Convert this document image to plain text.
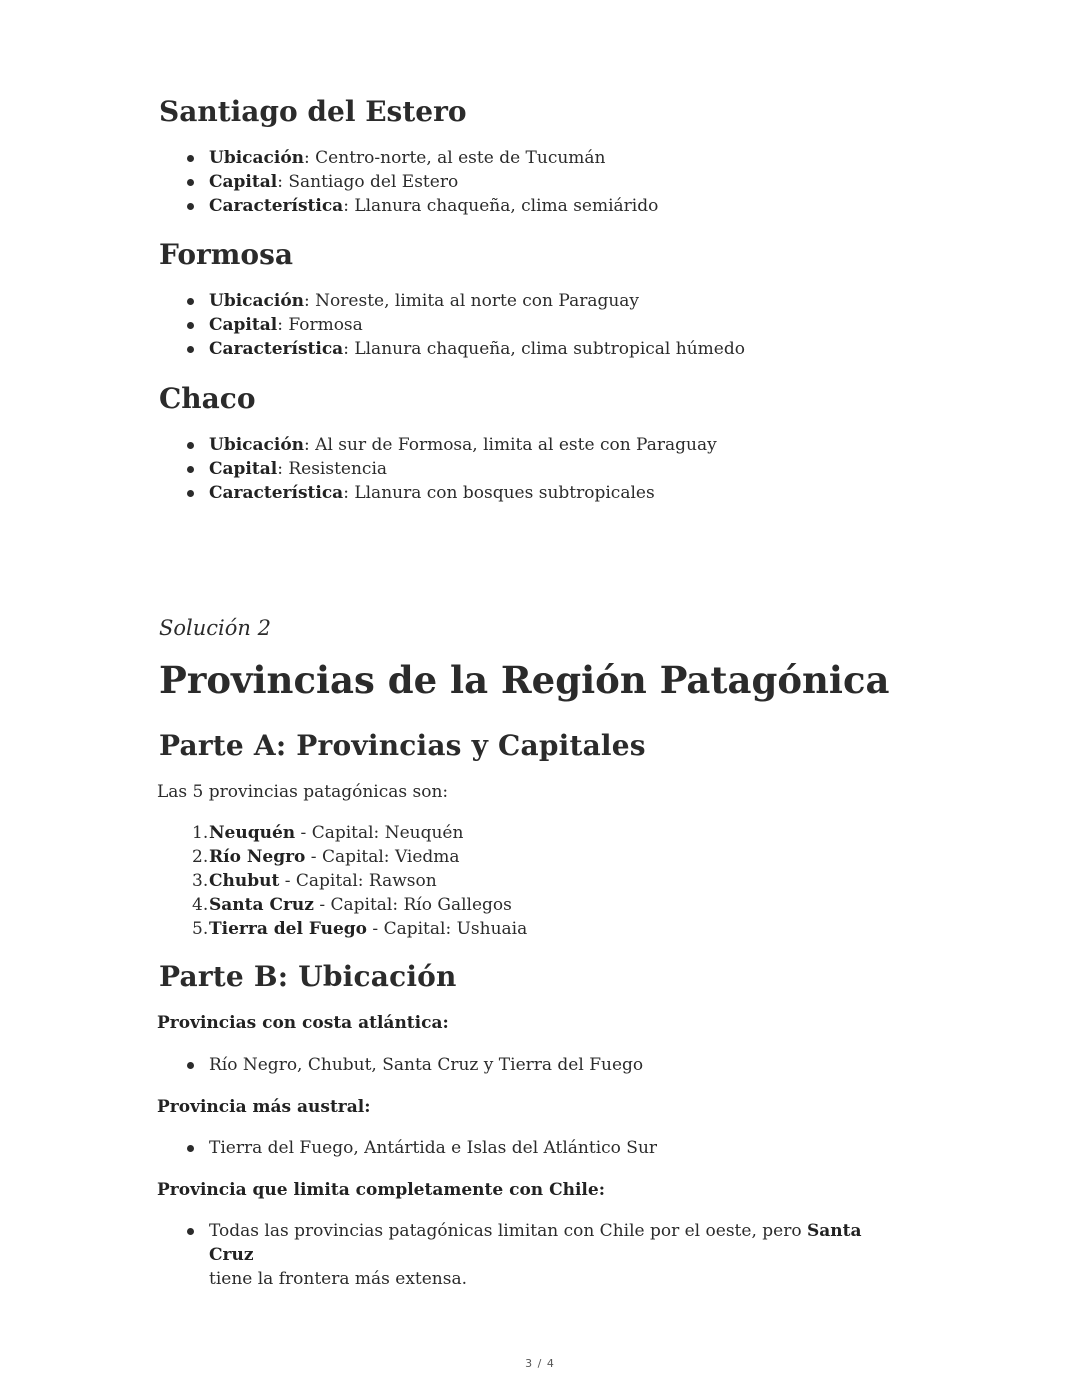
Santiago del Estero
Ubicación: Centro-norte, al este de Tucumán
Capital: Santiago del Estero
Característica: Llanura chaqueña, clima semiárido
Formosa
Ubicación: Noreste, limita al norte con Paraguay
Capital: Formosa
Característica: Llanura chaqueña, clima subtropical húmedo
Chaco
Ubicación: Al sur de Formosa, limita al este con Paraguay
Capital: Resistencia
Característica: Llanura con bosques subtropicales

Solución 2

Provincias de la Región Patagónica
Parte A: Provincias y Capitales

Las 5 provincias patagónicas son:

1. Neuquén - Capital: Neuquén
2. Río Negro - Capital: Viedma
3. Chubut - Capital: Rawson
4. Santa Cruz - Capital: Río Gallegos
5. Tierra del Fuego - Capital: Ushuaia
Parte B: Ubicación

Provincias con costa atlántica:

Río Negro, Chubut, Santa Cruz y Tierra del Fuego

Provincia más austral:

Tierra del Fuego, Antártida e Islas del Atlántico Sur

Provincia que limita completamente con Chile:

Todas las provincias patagónicas limitan con Chile por el oeste, pero Santa Cruz
tiene la frontera más extensa.
3 / 4
